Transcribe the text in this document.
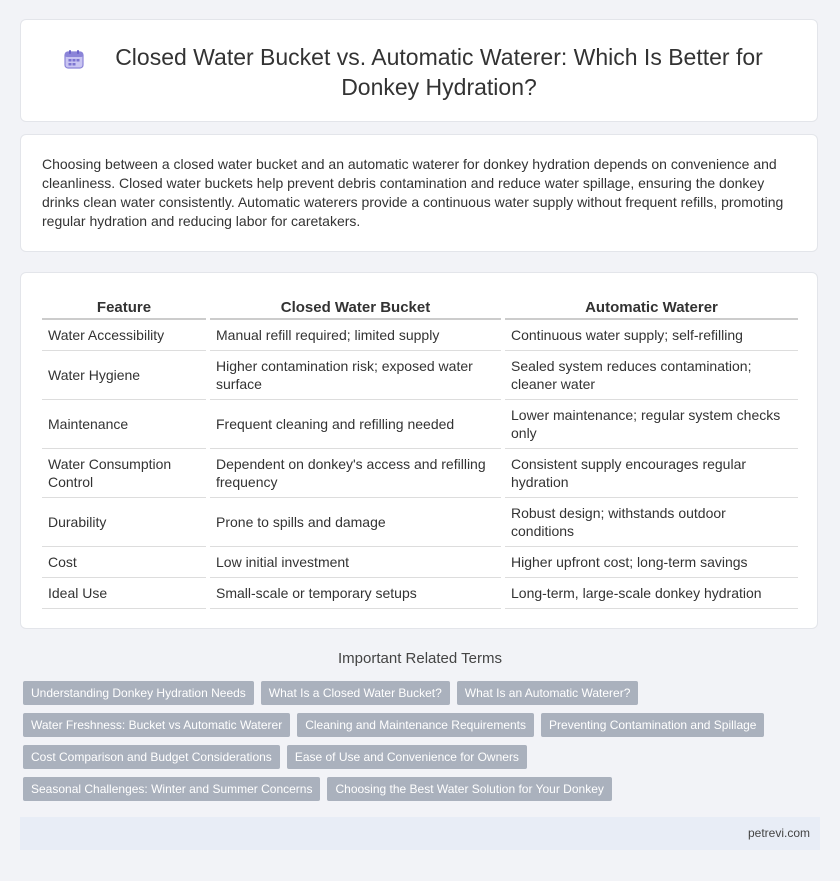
Closed Water Bucket vs. Automatic Waterer: Which Is Better for Donkey Hydration?

Choosing between a closed water bucket and an automatic waterer for donkey hydration depends on convenience and cleanliness. Closed water buckets help prevent debris contamination and reduce water spillage, ensuring the donkey drinks clean water consistently. Automatic waterers provide a continuous water supply without frequent refills, promoting regular hydration and reducing labor for caretakers.

Feature		Closed Water Bucket		Automatic Waterer
Water Accessibility		Manual refill required; limited supply		Continuous water supply; self-refilling
Water Hygiene		Higher contamination risk; exposed water surface		Sealed system reduces contamination; cleaner water
Maintenance		Frequent cleaning and refilling needed		Lower maintenance; regular system checks only
Water Consumption Control		Dependent on donkey's access and refilling frequency		Consistent supply encourages regular hydration
Durability		Prone to spills and damage		Robust design; withstands outdoor conditions
Cost		Low initial investment		Higher upfront cost; long-term savings
Ideal Use		Small-scale or temporary setups		Long-term, large-scale donkey hydration
Important Related Terms
Understanding Donkey Hydration Needs	What Is a Closed Water Bucket?	What Is an Automatic Waterer?
Water Freshness: Bucket vs Automatic Waterer	Cleaning and Maintenance Requirements	Preventing Contamination and Spillage
Cost Comparison and Budget Considerations	Ease of Use and Convenience for Owners
Seasonal Challenges: Winter and Summer Concerns	Choosing the Best Water Solution for Your Donkey
petrevi.com
